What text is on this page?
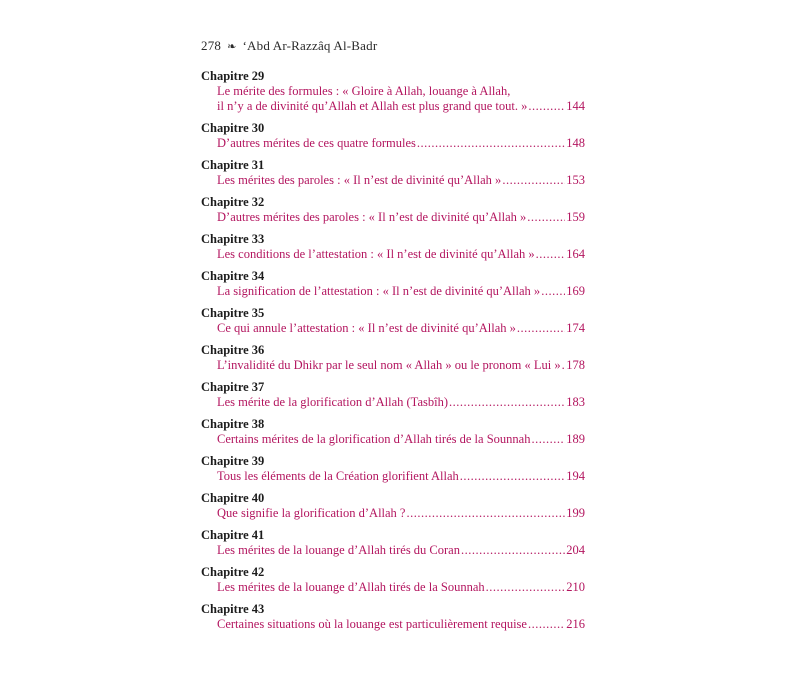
278 ❧ ‘Abd Ar-Razzâq Al-Badr
Chapitre 29
Le mérite des formules : « Gloire à Allah, louange à Allah,
il n’y a de divinité qu’Allah et Allah est plus grand que tout. » .....	144
Chapitre 30
D’autres mérites de ces quatre formules .....	148
Chapitre 31
Les mérites des paroles : « Il n’est de divinité qu’Allah » .....	153
Chapitre 32
D’autres mérites des paroles : « Il n’est de divinité qu’Allah » .....	159
Chapitre 33
Les conditions de l’attestation : « Il n’est de divinité qu’Allah » .....	164
Chapitre 34
La signification de l’attestation : « Il n’est de divinité qu’Allah » ..... 169
Chapitre 35
Ce qui annule l’attestation : « Il n’est de divinité qu’Allah » .....	174
Chapitre 36
L’invalidité du Dhikr par le seul nom « Allah » ou le pronom « Lui » ..... 178
Chapitre 37
Les mérite de la glorification d’Allah (Tasbîh) .....	183
Chapitre 38
Certains mérites de la glorification d’Allah tirés de la Sounnah .....	189
Chapitre 39
Tous les éléments de la Création glorifient Allah .....	194
Chapitre 40
Que signifie la glorification d’Allah ? .....	199
Chapitre 41
Les mérites de la louange d’Allah tirés du Coran .....	204
Chapitre 42
Les mérites de la louange d’Allah tirés de la Sounnah .....	210
Chapitre 43
Certaines situations où la louange est particulièrement requise .....	216
